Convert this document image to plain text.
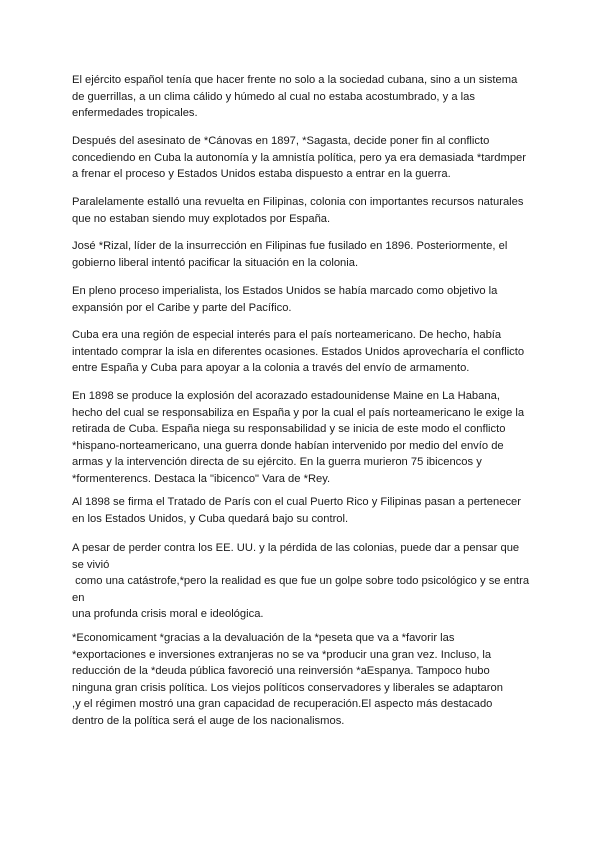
El ejército español tenía que hacer frente no solo a la sociedad cubana, sino a un sistema
de guerrillas, a un clima cálido y húmedo al cual no estaba acostumbrado, y a las
enfermedades tropicales.

Después del asesinato de *Cánovas en 1897, *Sagasta, decide poner fin al conflicto
concediendo en Cuba la autonomía y la amnistía política, pero ya era demasiada *tardmper
a frenar el proceso y Estados Unidos estaba dispuesto a entrar en la guerra.

Paralelamente estalló una revuelta en Filipinas, colonia con importantes recursos naturales
que no estaban siendo muy explotados por España.

José *Rizal, líder de la insurrección en Filipinas fue fusilado en 1896. Posteriormente, el
gobierno liberal intentó pacificar la situación en la colonia.

En pleno proceso imperialista, los Estados Unidos se había marcado como objetivo la
expansión por el Caribe y parte del Pacífico.

Cuba era una región de especial interés para el país norteamericano. De hecho, había
intentado comprar la isla en diferentes ocasiones. Estados Unidos aprovecharía el conflicto
entre España y Cuba para apoyar a la colonia a través del envío de armamento.

En 1898 se produce la explosión del acorazado estadounidense Maine en La Habana,
hecho del cual se responsabiliza en España y por la cual el país norteamericano le exige la
retirada de Cuba. España niega su responsabilidad y se inicia de este modo el conflicto
*hispano-norteamericano, una guerra donde habían intervenido por medio del envío de
armas y la intervención directa de su ejército. En la guerra murieron 75 ibicencos y
*formenterencs. Destaca la "ibicenco" Vara de *Rey.

Al 1898 se firma el Tratado de París con el cual Puerto Rico y Filipinas pasan a pertenecer
en los Estados Unidos, y Cuba quedará bajo su control.

A pesar de perder contra los EE. UU. y la pérdida de las colonias, puede dar a pensar que
se vivió
como una catástrofe,*pero la realidad es que fue un golpe sobre todo psicológico y se entra
en
una profunda crisis moral e ideológica.

*Economicament *gracias a la devaluación de la *peseta que va a *favorir las
*exportaciones e inversiones extranjeras no se va *producir una gran vez. Incluso, la
reducción de la *deuda pública favoreció una reinversión *aEspanya. Tampoco hubo
ninguna gran crisis política. Los viejos políticos conservadores y liberales se adaptaron
,y el régimen mostró una gran capacidad de recuperación.El aspecto más destacado
dentro de la política será el auge de los nacionalismos.
